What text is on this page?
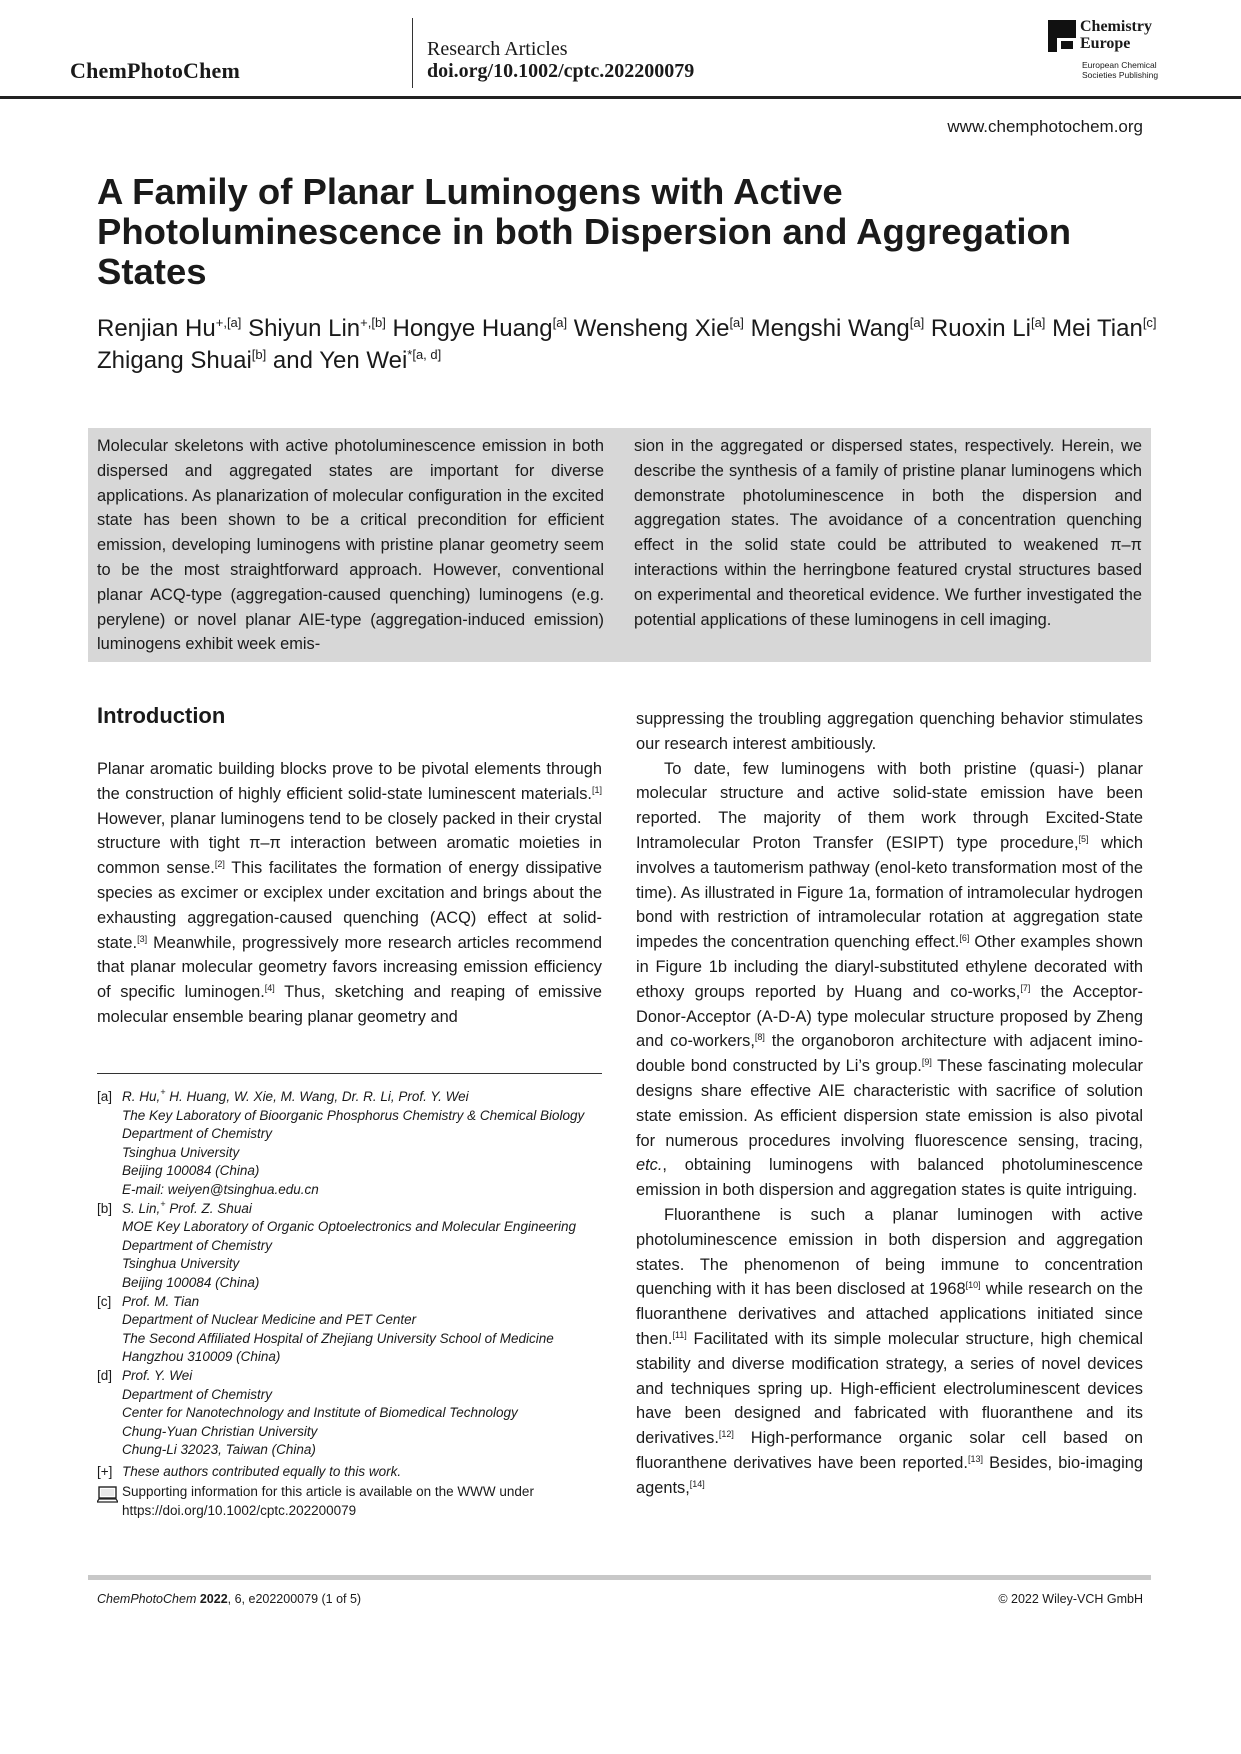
ChemPhotoChem
Research Articles
doi.org/10.1002/cptc.202200079
Chemistry
Europe
European Chemical
Societies Publishing
www.chemphotochem.org
A Family of Planar Luminogens with Active Photoluminescence in both Dispersion and Aggregation States
Renjian $Hu^{+,[a]}$ Shiyun Lin$^{+,[b]}$ Hongye Huang[a] Wensheng Xie[a] Mengshi Wang[a] Ruoxin Li[a] Mei Tian[c] Zhigang Shuai[b] and Yen Wei$^{*[a, d]}$
Molecular skeletons with active photoluminescence emission in both dispersed and aggregated states are important for diverse applications. As planarization of molecular configuration in the excited state has been shown to be a critical precondition for efficient emission, developing luminogens with pristine planar geometry seem to be the most straightforward approach. However, conventional planar ACQ-type (aggregation-caused quenching) luminogens (e.g. perylene) or novel planar AIE-type (aggregation-induced emission) luminogens exhibit week emis-
sion in the aggregated or dispersed states, respectively. Herein, we describe the synthesis of a family of pristine planar luminogens which demonstrate photoluminescence in both the dispersion and aggregation states. The avoidance of a concentration quenching effect in the solid state could be attributed to weakened π–π interactions within the herringbone featured crystal structures based on experimental and theoretical evidence. We further investigated the potential applications of these luminogens in cell imaging.
Introduction

Planar aromatic building blocks prove to be pivotal elements through the construction of highly efficient solid-state luminescent materials.[1] However, planar luminogens tend to be closely packed in their crystal structure with tight π–π interaction between aromatic moieties in common sense.[2] This facilitates the formation of energy dissipative species as excimer or exciplex under excitation and brings about the exhausting aggregation-caused quenching (ACQ) effect at solid-state.[3] Meanwhile, progressively more research articles recommend that planar molecular geometry favors increasing emission efficiency of specific luminogen.[4] Thus, sketching and reaping of emissive molecular ensemble bearing planar geometry and

suppressing the troubling aggregation quenching behavior stimulates our research interest ambitiously.

To date, few luminogens with both pristine (quasi-) planar molecular structure and active solid-state emission have been reported. The majority of them work through Excited-State Intramolecular Proton Transfer (ESIPT) type procedure,[5] which involves a tautomerism pathway (enol-keto transformation most of the time). As illustrated in Figure 1a, formation of intramolecular hydrogen bond with restriction of intramolecular rotation at aggregation state impedes the concentration quenching effect.[6] Other examples shown in Figure 1b including the diaryl-substituted ethylene decorated with ethoxy groups reported by Huang and co-works,[7] the Acceptor-Donor-Acceptor (A-D-A) type molecular structure proposed by Zheng and co-workers,[8] the organoboron architecture with adjacent imino-double bond constructed by Li’s group.[9] These fascinating molecular designs share effective AIE characteristic with sacrifice of solution state emission. As efficient dispersion state emission is also pivotal for numerous procedures involving fluorescence sensing, tracing, etc., obtaining luminogens with balanced photoluminescence emission in both dispersion and aggregation states is quite intriguing.

Fluoranthene is such a planar luminogen with active photoluminescence emission in both dispersion and aggregation states. The phenomenon of being immune to concentration quenching with it has been disclosed at 1968[10] while research on the fluoranthene derivatives and attached applications initiated since then.[11] Facilitated with its simple molecular structure, high chemical stability and diverse modification strategy, a series of novel devices and techniques spring up. High-efficient electroluminescent devices have been designed and fabricated with fluoranthene and its derivatives.[12] High-performance organic solar cell based on fluoranthene derivatives have been reported.[13] Besides, bio-imaging agents,[14]

[a] R. Hu,+ H. Huang, W. Xie, M. Wang, Dr. R. Li, Prof. Y. Wei
The Key Laboratory of Bioorganic Phosphorus Chemistry & Chemical Biology
Department of Chemistry
Tsinghua University
Beijing 100084 (China)
E-mail: weiyen@tsinghua.edu.cn
[b] S. Lin,+ Prof. Z. Shuai
MOE Key Laboratory of Organic Optoelectronics and Molecular Engineering
Department of Chemistry
Tsinghua University
Beijing 100084 (China)
[c] Prof. M. Tian
Department of Nuclear Medicine and PET Center
The Second Affiliated Hospital of Zhejiang University School of Medicine
Hangzhou 310009 (China)
[d] Prof. Y. Wei
Department of Chemistry
Center for Nanotechnology and Institute of Biomedical Technology
Chung-Yuan Christian University
Chung-Li 32023, Taiwan (China)
[+] These authors contributed equally to this work.
Supporting information for this article is available on the WWW under https://doi.org/10.1002/cptc.202200079
ChemPhotoChem 2022, 6, e202200079 (1 of 5)	© 2022 Wiley-VCH GmbH
